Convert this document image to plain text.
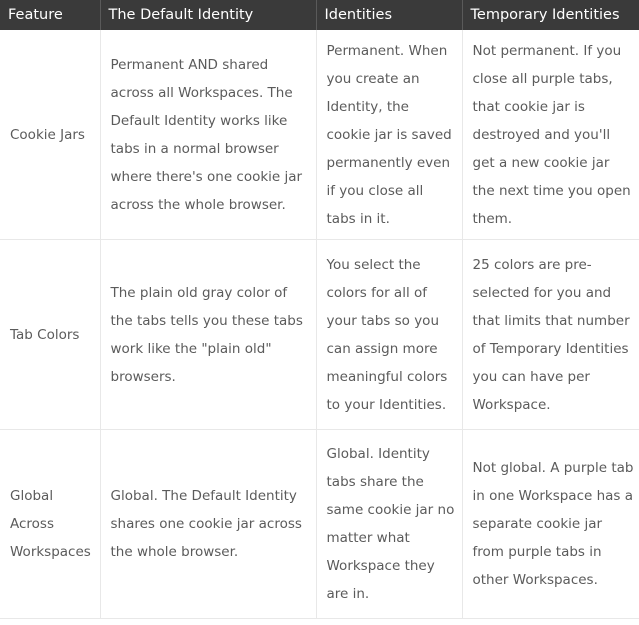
Feature	The Default Identity	Identities	Temporary Identities
Cookie Jars	Permanent AND shared across all Workspaces. The Default Identity works like tabs in a normal browser where there's one cookie jar across the whole browser.	Permanent. When you create an Identity, the cookie jar is saved permanently even if you close all tabs in it.	Not permanent. If you close all purple tabs, that cookie jar is destroyed and you'll get a new cookie jar the next time you open them.
Tab Colors	The plain old gray color of the tabs tells you these tabs work like the "plain old" browsers.	You select the colors for all of your tabs so you can assign more meaningful colors to your Identities.	25 colors are pre-selected for you and that limits that number of Temporary Identities you can have per Workspace.
Global Across Workspaces	Global. The Default Identity shares one cookie jar across the whole browser.	Global. Identity tabs share the same cookie jar no matter what Workspace they are in.	Not global. A purple tab in one Workspace has a separate cookie jar from purple tabs in other Workspaces.
